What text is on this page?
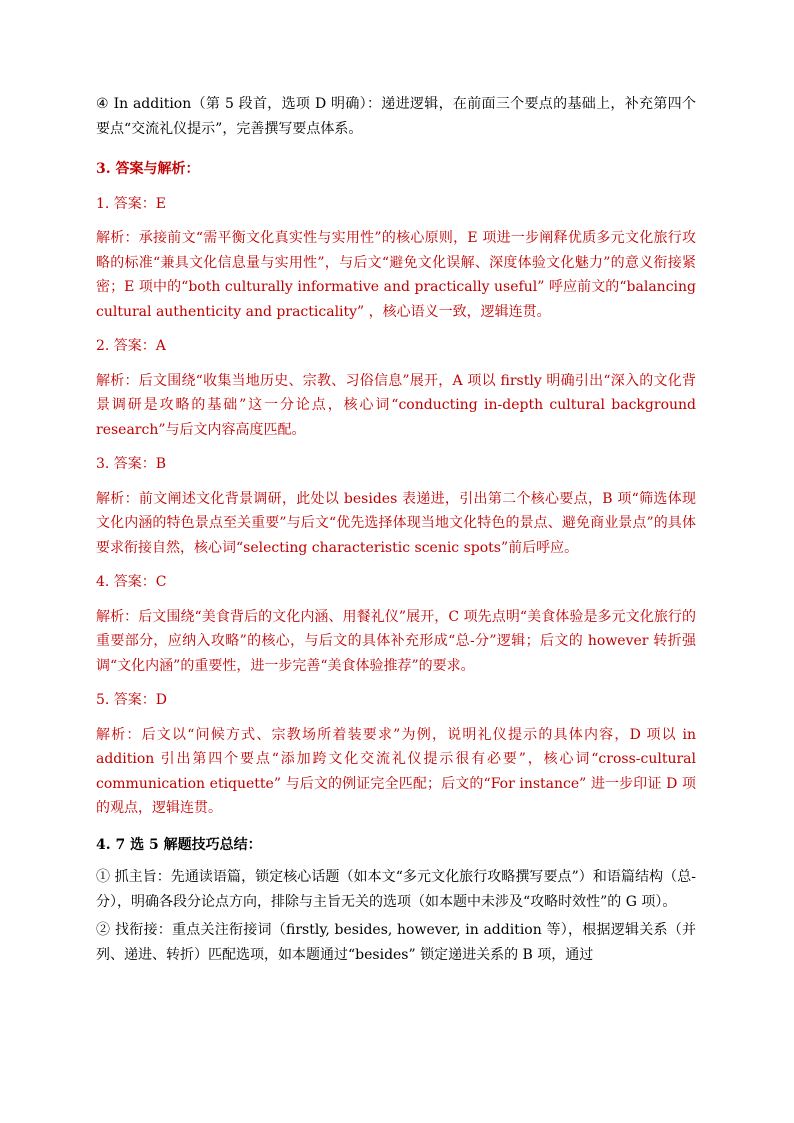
④ In addition（第 5 段首，选项 D 明确）：递进逻辑，在前面三个要点的基础上，补充第四个要点“交流礼仪提示”，完善撰写要点体系。

3. 答案与解析：

1. 答案：E

解析：承接前文“需平衡文化真实性与实用性”的核心原则，E 项进一步阐释优质多元文化旅行攻略的标准“兼具文化信息量与实用性”，与后文“避免文化误解、深度体验文化魅力”的意义衔接紧密；E 项中的“both culturally informative and practically useful” 呼应前文的“balancing cultural authenticity and practicality” ，核心语义一致，逻辑连贯。

2. 答案：A

解析：后文围绕“收集当地历史、宗教、习俗信息”展开，A 项以 firstly 明确引出“深入的文化背景调研是攻略的基础”这一分论点，核心词“conducting in-depth cultural background research”与后文内容高度匹配。

3. 答案：B

解析：前文阐述文化背景调研，此处以 besides 表递进，引出第二个核心要点，B 项“筛选体现文化内涵的特色景点至关重要”与后文“优先选择体现当地文化特色的景点、避免商业景点”的具体要求衔接自然，核心词“selecting characteristic scenic spots”前后呼应。

4. 答案：C

解析：后文围绕“美食背后的文化内涵、用餐礼仪”展开，C 项先点明“美食体验是多元文化旅行的重要部分，应纳入攻略”的核心，与后文的具体补充形成“总-分”逻辑；后文的 however 转折强调“文化内涵”的重要性，进一步完善“美食体验推荐”的要求。

5. 答案：D

解析：后文以“问候方式、宗教场所着装要求”为例，说明礼仪提示的具体内容，D 项以 in addition 引出第四个要点“添加跨文化交流礼仪提示很有必要”，核心词“cross-cultural communication etiquette” 与后文的例证完全匹配；后文的“For instance” 进一步印证 D 项的观点，逻辑连贯。

4. 7 选 5 解题技巧总结：

① 抓主旨：先通读语篇，锁定核心话题（如本文“多元文化旅行攻略撰写要点”）和语篇结构（总-分），明确各段分论点方向，排除与主旨无关的选项（如本题中未涉及“攻略时效性”的 G 项）。

② 找衔接：重点关注衔接词（firstly, besides, however, in addition 等），根据逻辑关系（并列、递进、转折）匹配选项，如本题通过“besides” 锁定递进关系的 B 项，通过
